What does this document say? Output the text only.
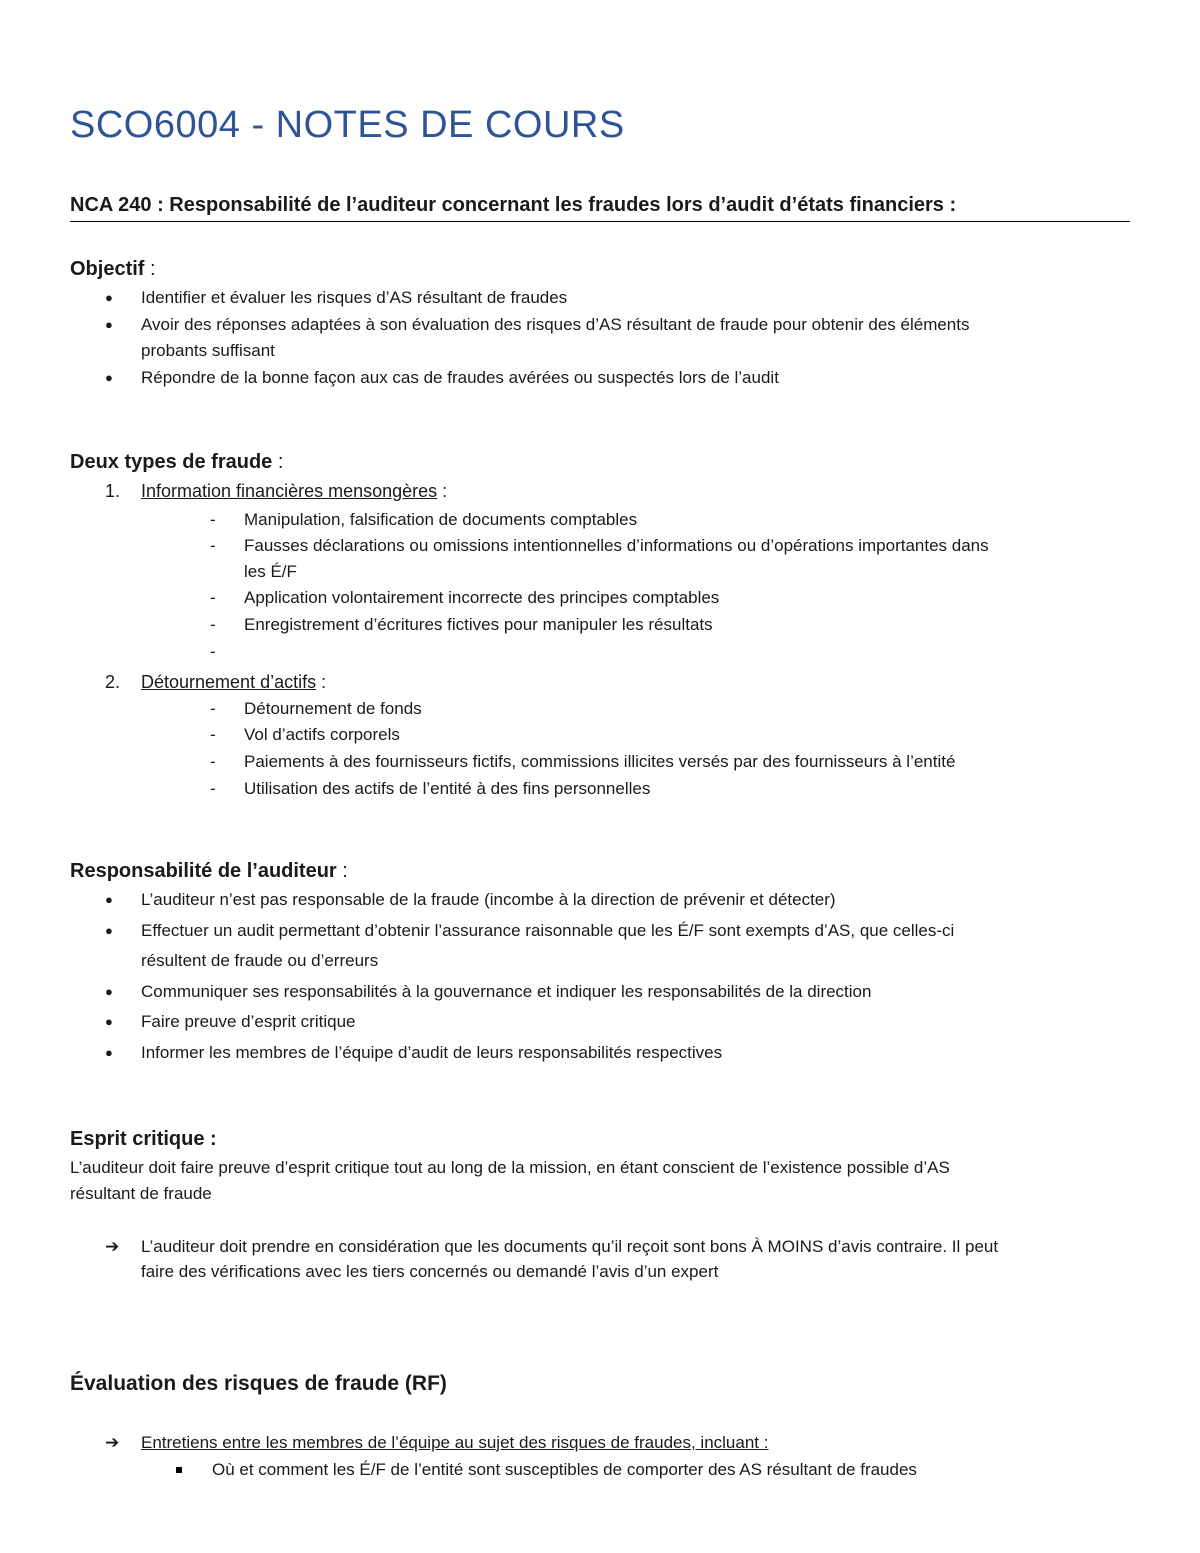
SCO6004 - NOTES DE COURS
NCA 240 : Responsabilité de l’auditeur concernant les fraudes lors d’audit d’états financiers :
Objectif :
● Identifier et évaluer les risques d’AS résultant de fraudes
● Avoir des réponses adaptées à son évaluation des risques d’AS résultant de fraude pour obtenir des éléments
probants suffisant
● Répondre de la bonne façon aux cas de fraudes avérées ou suspectés lors de l’audit
Deux types de fraude :
1. Information financières mensongères :
- Manipulation, falsification de documents comptables
- Fausses déclarations ou omissions intentionnelles d’informations ou d’opérations importantes dans
les É/F
- Application volontairement incorrecte des principes comptables
- Enregistrement d’écritures fictives pour manipuler les résultats
-
2. Détournement d’actifs :
- Détournement de fonds
- Vol d’actifs corporels
- Paiements à des fournisseurs fictifs, commissions illicites versés par des fournisseurs à l’entité
- Utilisation des actifs de l’entité à des fins personnelles
Responsabilité de l’auditeur :
● L’auditeur n’est pas responsable de la fraude (incombe à la direction de prévenir et détecter)
● Effectuer un audit permettant d’obtenir l’assurance raisonnable que les É/F sont exempts d’AS, que celles-ci
résultent de fraude ou d’erreurs
● Communiquer ses responsabilités à la gouvernance et indiquer les responsabilités de la direction
● Faire preuve d’esprit critique
● Informer les membres de l’équipe d’audit de leurs responsabilités respectives
Esprit critique :
L’auditeur doit faire preuve d’esprit critique tout au long de la mission, en étant conscient de l’existence possible d’AS
résultant de fraude
➔ L’auditeur doit prendre en considération que les documents qu’il reçoit sont bons À MOINS d’avis contraire. Il peut
faire des vérifications avec les tiers concernés ou demandé l’avis d’un expert
Évaluation des risques de fraude (RF)
➔ Entretiens entre les membres de l’équipe au sujet des risques de fraudes, incluant :
Où et comment les É/F de l’entité sont susceptibles de comporter des AS résultant de fraudes
